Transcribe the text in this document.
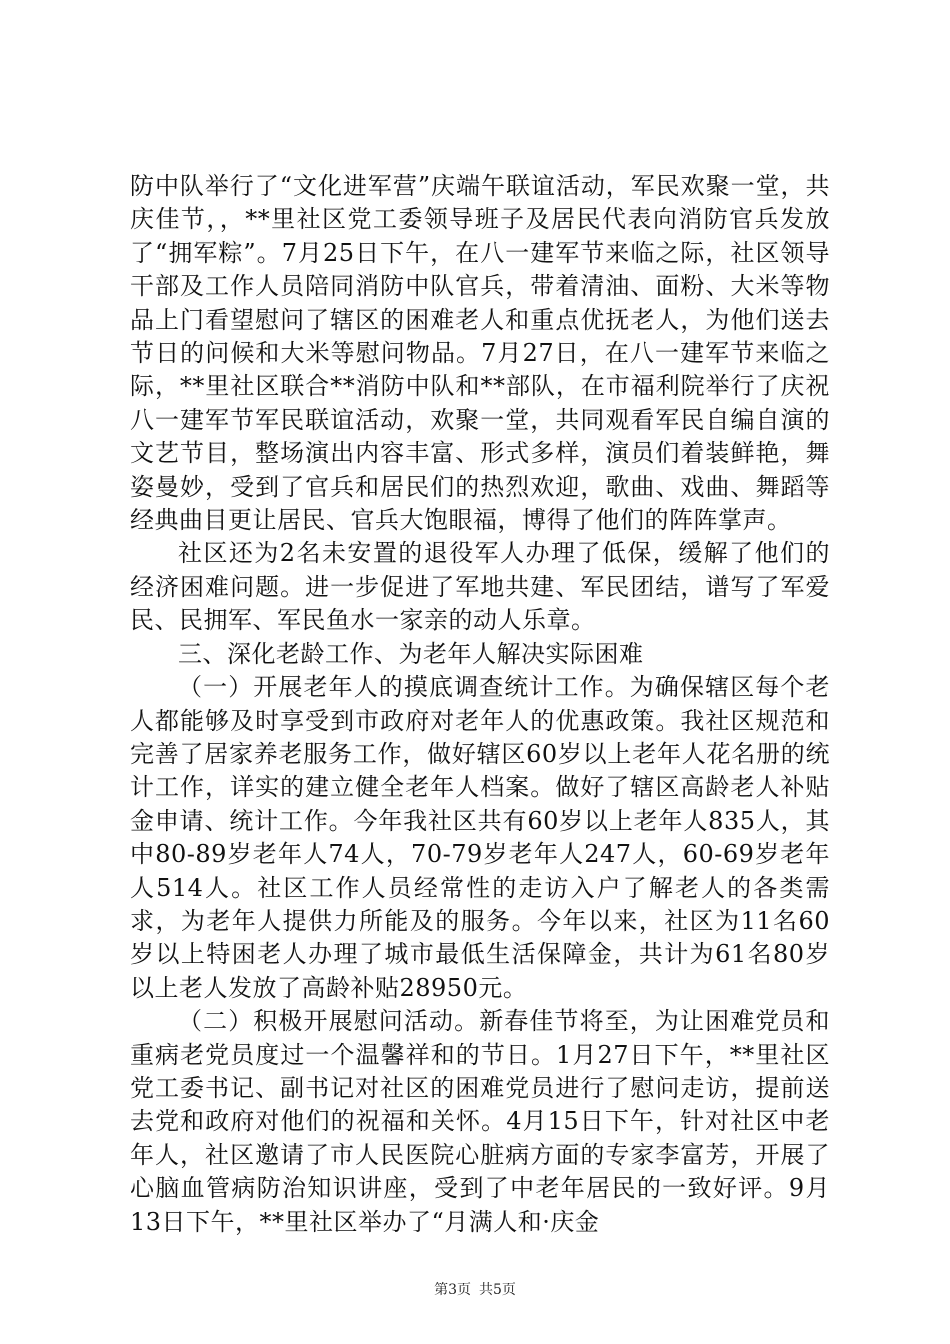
防中队举行了“文化进军营”庆端午联谊活动，军民欢聚一堂，共庆佳节，，**里社区党工委领导班子及居民代表向消防官兵发放了“拥军粽”。7月25日下午，在八一建军节来临之际，社区领导干部及工作人员陪同消防中队官兵，带着清油、面粉、大米等物品上门看望慰问了辖区的困难老人和重点优抚老人，为他们送去节日的问候和大米等慰问物品。7月27日，在八一建军节来临之际，**里社区联合**消防中队和**部队，在市福利院举行了庆祝八一建军节军民联谊活动，欢聚一堂，共同观看军民自编自演的文艺节目，整场演出内容丰富、形式多样，演员们着装鲜艳，舞姿曼妙，受到了官兵和居民们的热烈欢迎，歌曲、戏曲、舞蹈等经典曲目更让居民、官兵大饱眼福，博得了他们的阵阵掌声。

社区还为2名未安置的退役军人办理了低保，缓解了他们的经济困难问题。进一步促进了军地共建、军民团结，谱写了军爱民、民拥军、军民鱼水一家亲的动人乐章。

三、深化老龄工作、为老年人解决实际困难

（一）开展老年人的摸底调查统计工作。为确保辖区每个老人都能够及时享受到市政府对老年人的优惠政策。我社区规范和完善了居家养老服务工作，做好辖区60岁以上老年人花名册的统计工作，详实的建立健全老年人档案。做好了辖区高龄老人补贴金申请、统计工作。今年我社区共有60岁以上老年人835人，其中80-89岁老年人74人，70-79岁老年人247人，60-69岁老年人514人。社区工作人员经常性的走访入户了解老人的各类需求，为老年人提供力所能及的服务。今年以来，社区为11名60岁以上特困老人办理了城市最低生活保障金，共计为61名80岁以上老人发放了高龄补贴28950元。

（二）积极开展慰问活动。新春佳节将至，为让困难党员和重病老党员度过一个温馨祥和的节日。1月27日下午，**里社区党工委书记、副书记对社区的困难党员进行了慰问走访，提前送去党和政府对他们的祝福和关怀。4月15日下午，针对社区中老年人，社区邀请了市人民医院心脏病方面的专家李富芳，开展了心脑血管病防治知识讲座，受到了中老年居民的一致好评。9月13日下午，**里社区举办了“月满人和·庆金

第3页 共5页
